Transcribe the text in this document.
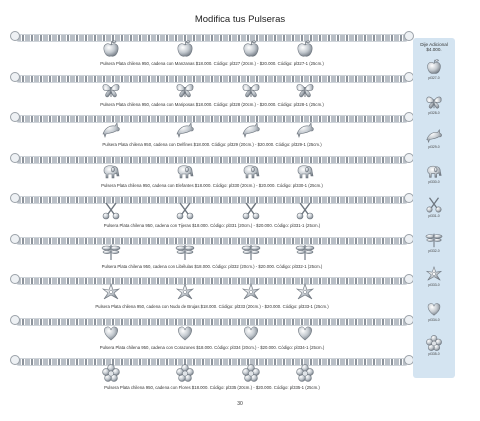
Modifica tus Pulseras
Pulsera Plata chilena 950, cadena con Manzanas $18.000. Código: pl327 (20cm.) - $20.000. Código: pl327-1 (25cm.)
Pulsera Plata chilena 950, cadena con Mariposas $18.000. Código: pl328 (20cm.) - $20.000. Código: pl328-1 (25cm.)
Pulsera Plata chilena 950, cadena con Delfines $18.000. Código: pl329 (20cm.) - $20.000. Código: pl329-1 (25cm.)
Pulsera Plata chilena 950, cadena con Elefantes $18.000. Código: pl330 (20cm.) - $20.000. Código: pl330-1 (25cm.)
Pulsera Plata chilena 950, cadena con Tijeras $18.000. Código: pl331 (20cm.) - $20.000. Código: pl331-1 (25cm.)
Pulsera Plata chilena 950, cadena con Libélulas $18.000. Código: pl332 (20cm.) - $20.000. Código: pl332-1 (25cm.)
Pulsera Plata chilena 950, cadena con Nudo de Brujas $18.000. Código: pl333 (20cm.) - $20.000. Código: pl333-1 (25cm.)
Pulsera Plata chilena 950, cadena con Corazones $18.000. Código: pl334 (20cm.) - $20.000. Código: pl334-1 (25cm.)
Pulsera Plata chilena 950, cadena con Flores $18.000. Código: pl335 (20cm.) - $20.000. Código: pl335-1 (25cm.)
Dije Adicional
$4.000.
pl327-0
pl328-0
pl329-0
pl330-0
pl331-0
pl332-0
pl333-0
pl334-0
pl335-0
30
